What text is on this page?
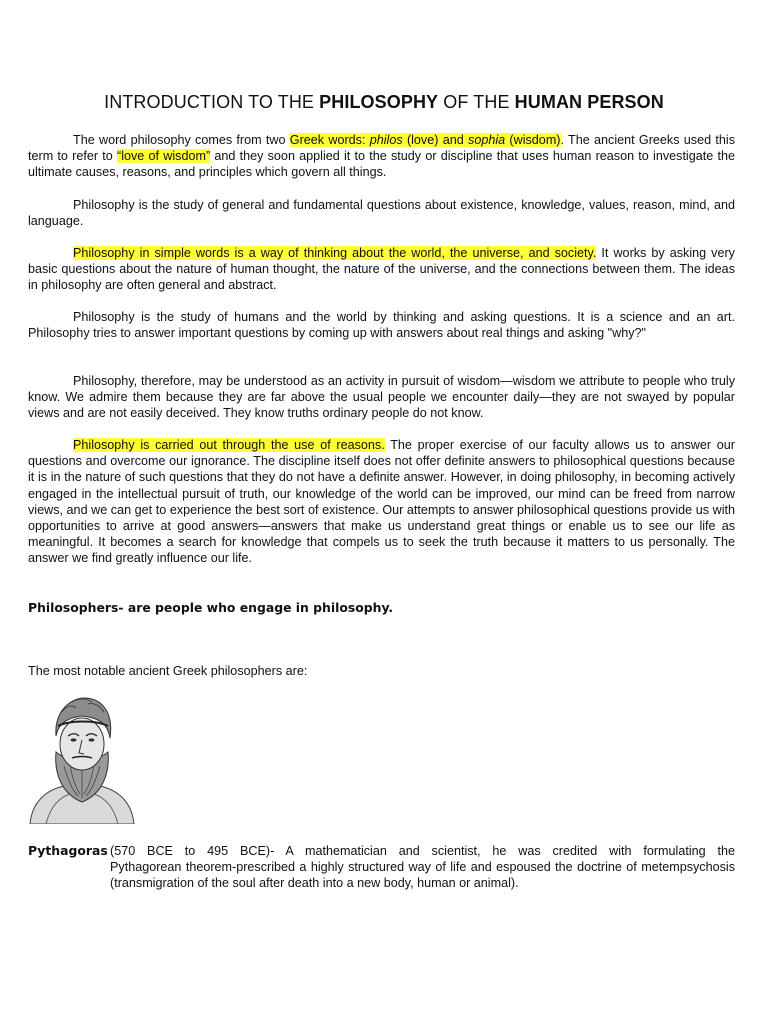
INTRODUCTION TO THE PHILOSOPHY OF THE HUMAN PERSON
The word philosophy comes from two Greek words: philos (love) and sophia (wisdom). The ancient Greeks used this term to refer to “love of wisdom” and they soon applied it to the study or discipline that uses human reason to investigate the ultimate causes, reasons, and principles which govern all things.
Philosophy is the study of general and fundamental questions about existence, knowledge, values, reason, mind, and language.
Philosophy in simple words is a way of thinking about the world, the universe, and society. It works by asking very basic questions about the nature of human thought, the nature of the universe, and the connections between them. The ideas in philosophy are often general and abstract.
Philosophy is the study of humans and the world by thinking and asking questions. It is a science and an art. Philosophy tries to answer important questions by coming up with answers about real things and asking "why?"
Philosophy, therefore, may be understood as an activity in pursuit of wisdom—wisdom we attribute to people who truly know. We admire them because they are far above the usual people we encounter daily—they are not swayed by popular views and are not easily deceived. They know truths ordinary people do not know.
Philosophy is carried out through the use of reasons. The proper exercise of our faculty allows us to answer our questions and overcome our ignorance. The discipline itself does not offer definite answers to philosophical questions because it is in the nature of such questions that they do not have a definite answer. However, in doing philosophy, in becoming actively engaged in the intellectual pursuit of truth, our knowledge of the world can be improved, our mind can be freed from narrow views, and we can get to experience the best sort of existence. Our attempts to answer philosophical questions provide us with opportunities to arrive at good answers—answers that make us understand great things or enable us to see our life as meaningful. It becomes a search for knowledge that compels us to seek the truth because it matters to us personally. The answer we find greatly influence our life.
Philosophers- are people who engage in philosophy.
The most notable ancient Greek philosophers are:
Pythagoras (570 BCE to 495 BCE)- A mathematician and scientist, he was credited with formulating the
Pythagorean theorem-prescribed a highly structured way of life and espoused the doctrine of metempsychosis (transmigration of the soul after death into a new body, human or animal).
